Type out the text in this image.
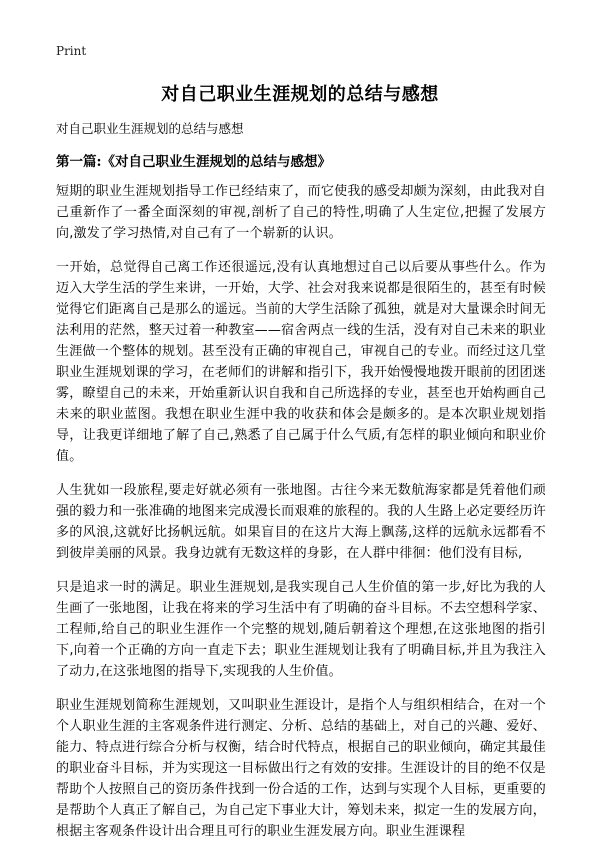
Print
对自己职业生涯规划的总结与感想

对自己职业生涯规划的总结与感想

第一篇:《对自己职业生涯规划的总结与感想》

短期的职业生涯规划指导工作已经结束了，而它使我的感受却颇为深刻，由此我对自己重新作了一番全面深刻的审视,剖析了自己的特性,明确了人生定位,把握了发展方向,激发了学习热情,对自己有了一个崭新的认识。

一开始，总觉得自己离工作还很遥远,没有认真地想过自己以后要从事些什么。作为迈入大学生活的学生来讲，一开始，大学、社会对我来说都是很陌生的，甚至有时候觉得它们距离自己是那么的遥远。当前的大学生活除了孤独，就是对大量课余时间无法利用的茫然，整天过着一种教室——宿舍两点一线的生活，没有对自己未来的职业生涯做一个整体的规划。甚至没有正确的审视自己，审视自己的专业。而经过这几堂职业生涯规划课的学习，在老师们的讲解和指引下，我开始慢慢地拨开眼前的团团迷雾，瞭望自己的未来，开始重新认识自我和自己所选择的专业，甚至也开始构画自己未来的职业蓝图。我想在职业生涯中我的收获和体会是颇多的。是本次职业规划指导，让我更详细地了解了自己,熟悉了自己属于什么气质,有怎样的职业倾向和职业价值。

人生犹如一段旅程,要走好就必须有一张地图。古往今来无数航海家都是凭着他们顽强的毅力和一张准确的地图来完成漫长而艰难的旅程的。我的人生路上必定要经历许多的风浪,这就好比扬帆远航。如果盲目的在这片大海上飘荡,这样的远航永远都看不到彼岸美丽的风景。我身边就有无数这样的身影，在人群中徘徊：他们没有目标,

只是追求一时的满足。职业生涯规划,是我实现自己人生价值的第一步,好比为我的人生画了一张地图，让我在将来的学习生活中有了明确的奋斗目标。不去空想科学家、工程师,给自己的职业生涯作一个完整的规划,随后朝着这个理想,在这张地图的指引下,向着一个正确的方向一直走下去；职业生涯规划让我有了明确目标,并且为我注入了动力,在这张地图的指导下,实现我的人生价值。

职业生涯规划简称生涯规划，又叫职业生涯设计，是指个人与组织相结合，在对一个个人职业生涯的主客观条件进行测定、分析、总结的基础上，对自己的兴趣、爱好、能力、特点进行综合分析与权衡，结合时代特点，根据自己的职业倾向，确定其最佳的职业奋斗目标，并为实现这一目标做出行之有效的安排。生涯设计的目的绝不仅是帮助个人按照自己的资历条件找到一份合适的工作，达到与实现个人目标，更重要的是帮助个人真正了解自己，为自己定下事业大计，筹划未来，拟定一生的发展方向，根据主客观条件设计出合理且可行的职业生涯发展方向。职业生涯课程
